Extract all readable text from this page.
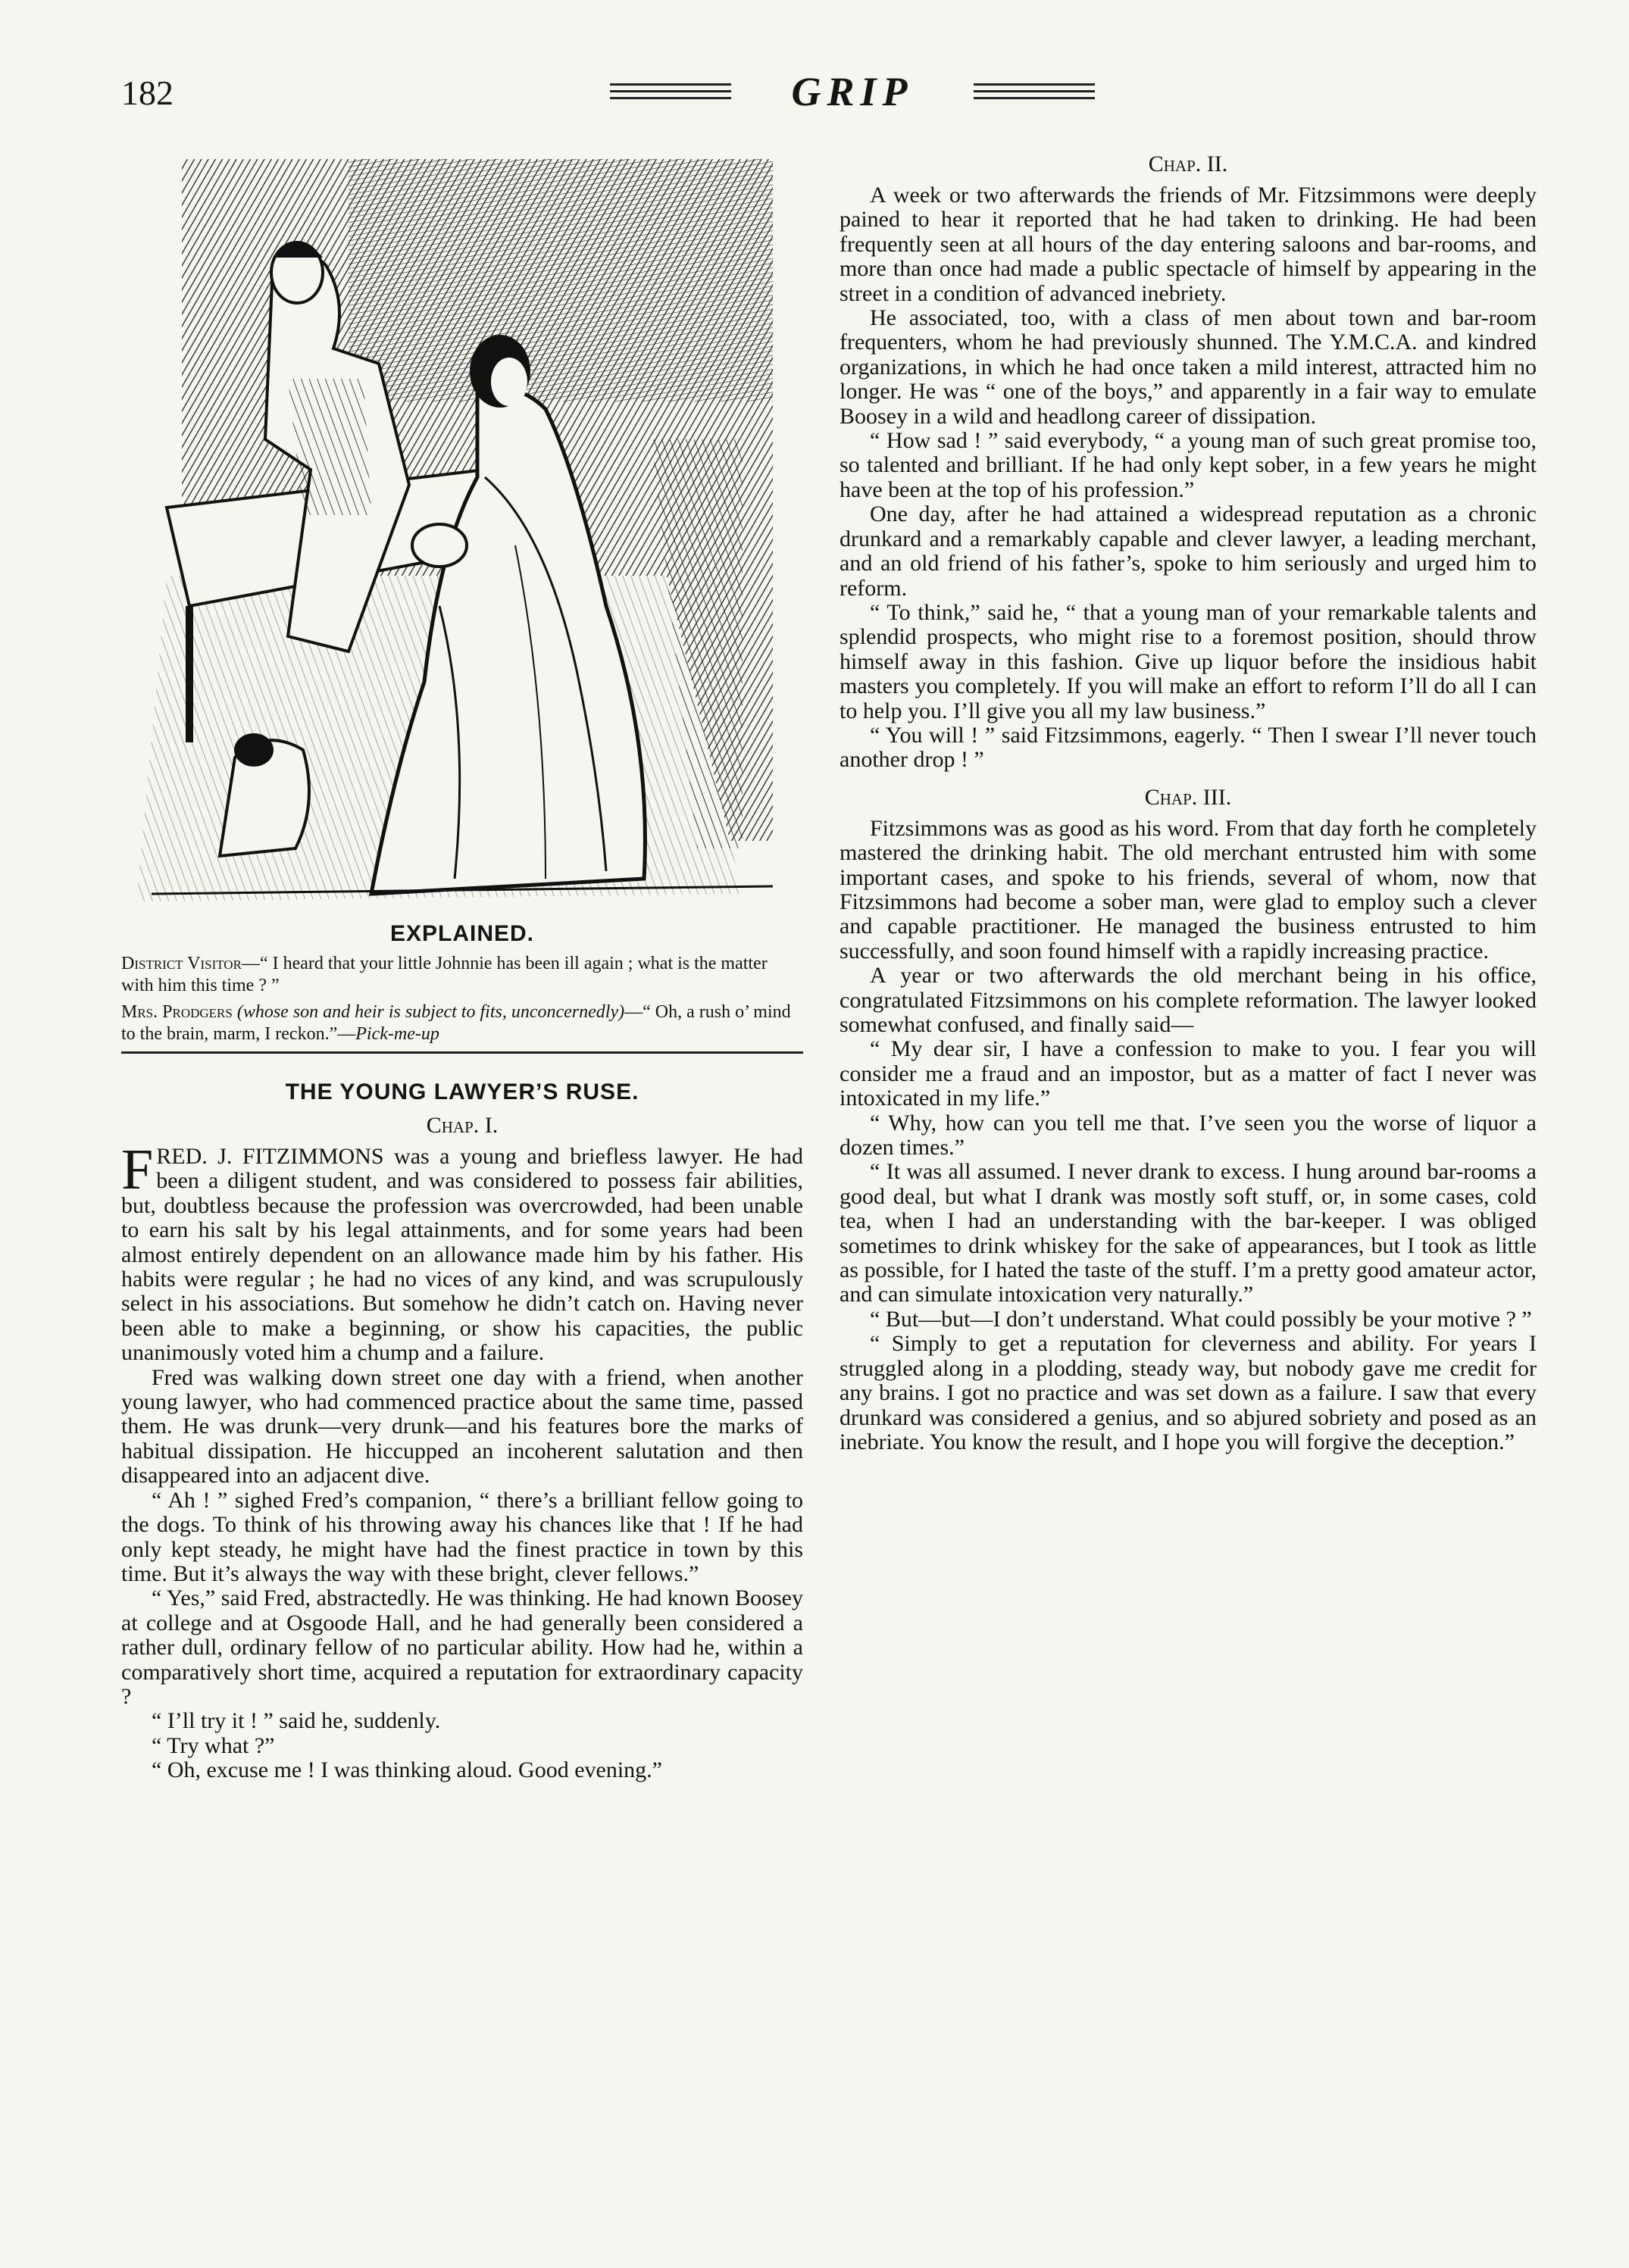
182	GRIP
EXPLAINED.

District Visitor—“ I heard that your little Johnnie has been ill again ; what is the matter with him this time ? ”

Mrs. Prodgers (whose son and heir is subject to fits, unconcernedly)—“ Oh, a rush o’ mind to the brain, marm, I reckon.”—Pick-me-up

THE YOUNG LAWYER’S RUSE.
Chap. I.

FRED. J. FITZIMMONS was a young and briefless lawyer. He had been a diligent student, and was considered to possess fair abilities, but, doubtless because the profession was overcrowded, had been unable to earn his salt by his legal attainments, and for some years had been almost entirely dependent on an allowance made him by his father. His habits were regular ; he had no vices of any kind, and was scrupulously select in his associations. But somehow he didn’t catch on. Having never been able to make a beginning, or show his capacities, the public unanimously voted him a chump and a failure.

Fred was walking down street one day with a friend, when another young lawyer, who had commenced practice about the same time, passed them. He was drunk—very drunk—and his features bore the marks of habitual dissipation. He hiccupped an incoherent salutation and then disappeared into an adjacent dive.

“ Ah ! ” sighed Fred’s companion, “ there’s a brilliant fellow going to the dogs. To think of his throwing away his chances like that ! If he had only kept steady, he might have had the finest practice in town by this time. But it’s always the way with these bright, clever fellows.”

“ Yes,” said Fred, abstractedly. He was thinking. He had known Boosey at college and at Osgoode Hall, and he had generally been considered a rather dull, ordinary fellow of no particular ability. How had he, within a comparatively short time, acquired a reputation for extraordinary capacity ?

“ I’ll try it ! ” said he, suddenly.

“ Try what ?”

“ Oh, excuse me ! I was thinking aloud. Good evening.”

Chap. II.

A week or two afterwards the friends of Mr. Fitzsimmons were deeply pained to hear it reported that he had taken to drinking. He had been frequently seen at all hours of the day entering saloons and bar-rooms, and more than once had made a public spectacle of himself by appearing in the street in a condition of advanced inebriety.

He associated, too, with a class of men about town and bar-room frequenters, whom he had previously shunned. The Y.M.C.A. and kindred organizations, in which he had once taken a mild interest, attracted him no longer. He was “ one of the boys,” and apparently in a fair way to emulate Boosey in a wild and headlong career of dissipation.

“ How sad ! ” said everybody, “ a young man of such great promise too, so talented and brilliant. If he had only kept sober, in a few years he might have been at the top of his profession.”

One day, after he had attained a widespread reputation as a chronic drunkard and a remarkably capable and clever lawyer, a leading merchant, and an old friend of his father’s, spoke to him seriously and urged him to reform.

“ To think,” said he, “ that a young man of your remarkable talents and splendid prospects, who might rise to a foremost position, should throw himself away in this fashion. Give up liquor before the insidious habit masters you completely. If you will make an effort to reform I’ll do all I can to help you. I’ll give you all my law business.”

“ You will ! ” said Fitzsimmons, eagerly. “ Then I swear I’ll never touch another drop ! ”

Chap. III.

Fitzsimmons was as good as his word. From that day forth he completely mastered the drinking habit. The old merchant entrusted him with some important cases, and spoke to his friends, several of whom, now that Fitzsimmons had become a sober man, were glad to employ such a clever and capable practitioner. He managed the business entrusted to him successfully, and soon found himself with a rapidly increasing practice.

A year or two afterwards the old merchant being in his office, congratulated Fitzsimmons on his complete reformation. The lawyer looked somewhat confused, and finally said—

“ My dear sir, I have a confession to make to you. I fear you will consider me a fraud and an impostor, but as a matter of fact I never was intoxicated in my life.”

“ Why, how can you tell me that. I’ve seen you the worse of liquor a dozen times.”

“ It was all assumed. I never drank to excess. I hung around bar-rooms a good deal, but what I drank was mostly soft stuff, or, in some cases, cold tea, when I had an understanding with the bar-keeper. I was obliged sometimes to drink whiskey for the sake of appearances, but I took as little as possible, for I hated the taste of the stuff. I’m a pretty good amateur actor, and can simulate intoxication very naturally.”

“ But—but—I don’t understand. What could possibly be your motive ? ”

“ Simply to get a reputation for cleverness and ability. For years I struggled along in a plodding, steady way, but nobody gave me credit for any brains. I got no practice and was set down as a failure. I saw that every drunkard was considered a genius, and so abjured sobriety and posed as an inebriate. You know the result, and I hope you will forgive the deception.”
